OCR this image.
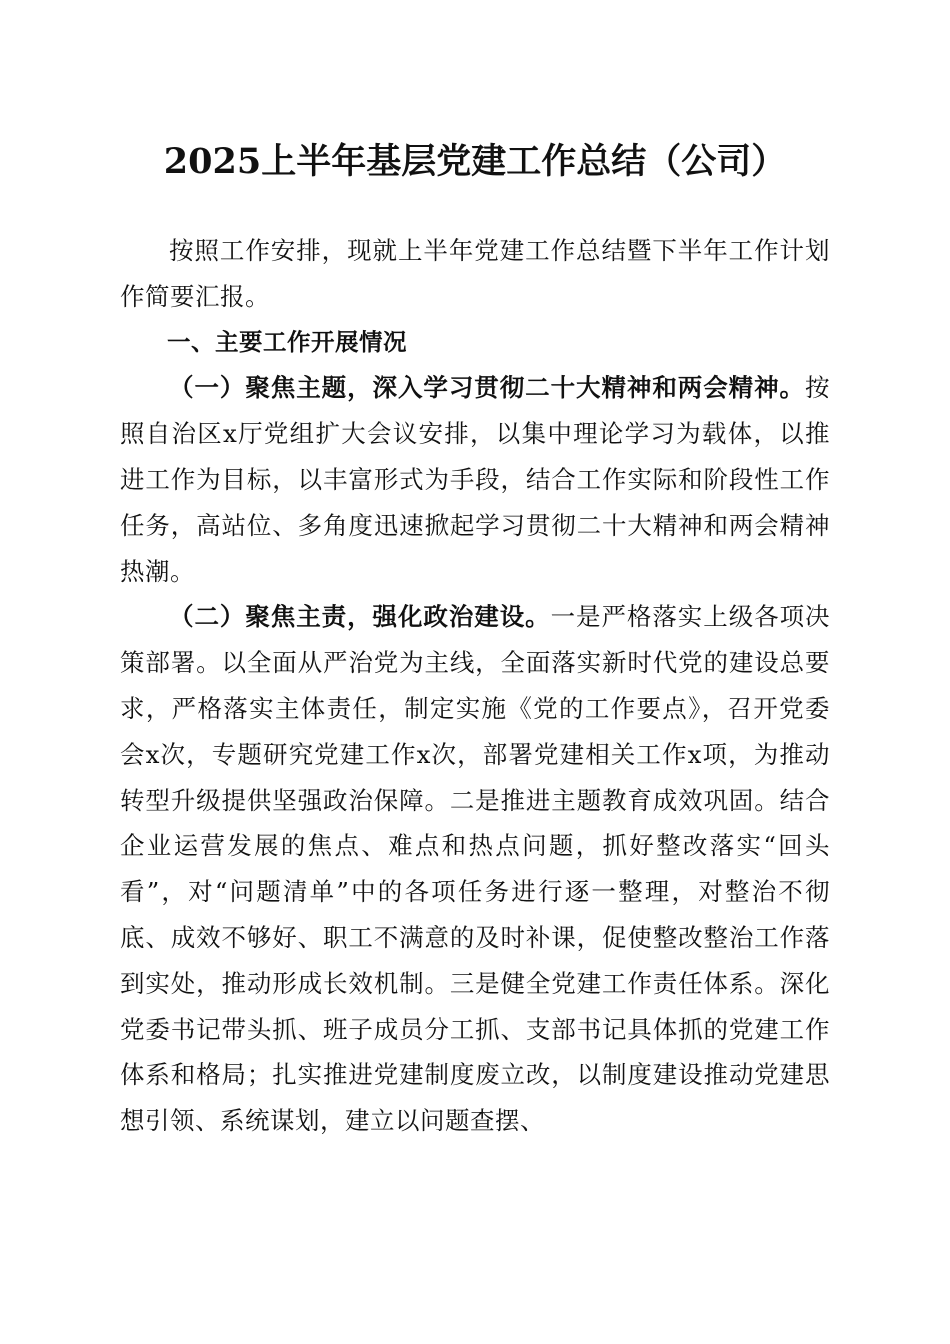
2025上半年基层党建工作总结（公司）

按照工作安排，现就上半年党建工作总结暨下半年工作计划作简要汇报。

一、主要工作开展情况

（一）聚焦主题，深入学习贯彻二十大精神和两会精神。按照自治区x厅党组扩大会议安排，以集中理论学习为载体，以推进工作为目标，以丰富形式为手段，结合工作实际和阶段性工作任务，高站位、多角度迅速掀起学习贯彻二十大精神和两会精神热潮。

（二）聚焦主责，强化政治建设。一是严格落实上级各项决策部署。以全面从严治党为主线，全面落实新时代党的建设总要求，严格落实主体责任，制定实施《党的工作要点》，召开党委会x次，专题研究党建工作x次，部署党建相关工作x项，为推动转型升级提供坚强政治保障。二是推进主题教育成效巩固。结合企业运营发展的焦点、难点和热点问题，抓好整改落实“回头看”，对“问题清单”中的各项任务进行逐一整理，对整治不彻底、成效不够好、职工不满意的及时补课，促使整改整治工作落到实处，推动形成长效机制。三是健全党建工作责任体系。深化党委书记带头抓、班子成员分工抓、支部书记具体抓的党建工作体系和格局；扎实推进党建制度废立改，以制度建设推动党建思想引领、系统谋划，建立以问题查摆、
